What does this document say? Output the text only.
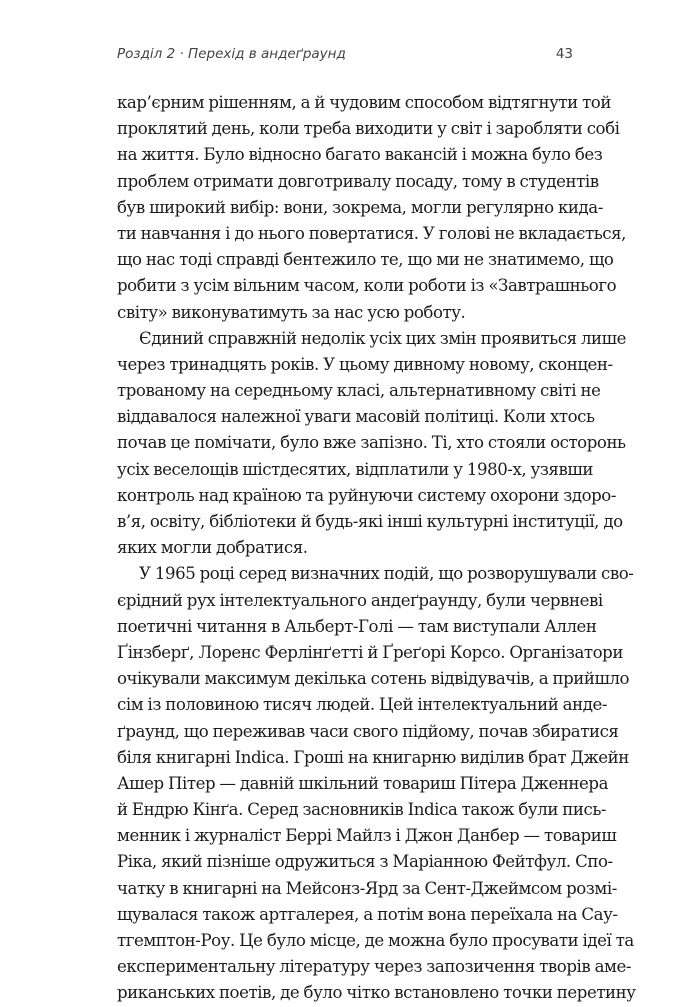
Розділ 2 · Перехід в андеґраунд	43
кар’єрним рішенням, а й чудовим способом відтягнути той
проклятий день, коли треба виходити у світ і заробляти собі
на життя. Було відносно багато вакансій і можна було без
проблем отримати довготривалу посаду, тому в студентів
був широкий вибір: вони, зокрема, могли регулярно кида-
ти навчання і до нього повертатися. У голові не вкладається,
що нас тоді справді бентежило те, що ми не знатимемо, що
робити з усім вільним часом, коли роботи із «Завтрашнього
світу» виконуватимуть за нас усю роботу.
Єдиний справжній недолік усіх цих змін проявиться лише
через тринадцять років. У цьому дивному новому, сконцен-
трованому на середньому класі, альтернативному світі не
віддавалося належної уваги масовій політиці. Коли хтось
почав це помічати, було вже запізно. Ті, хто стояли осторонь
усіх веселощів шістдесятих, відплатили у 1980-х, узявши
контроль над країною та руйнуючи систему охорони здоро-
в’я, освіту, бібліотеки й будь-які інші культурні інституції, до
яких могли добратися.
У 1965 році серед визначних подій, що розворушували сво-
єрідний рух інтелектуального андеґраунду, були червневі
поетичні читання в Альберт-Голі — там виступали Аллен
Ґінзберґ, Лоренс Ферлінґетті й Ґреґорі Корсо. Організатори
очікували максимум декілька сотень відвідувачів, а прийшло
сім із половиною тисяч людей. Цей інтелектуальний анде-
ґраунд, що переживав часи свого підйому, почав збиратися
біля книгарні Indica. Гроші на книгарню виділив брат Джейн
Ашер Пітер — давній шкільний товариш Пітера Дженнера
й Ендрю Кінґа. Серед засновників Indica також були пись-
менник і журналіст Беррі Майлз і Джон Данбер — товариш
Ріка, який пізніше одружиться з Маріанною Фейтфул. Спо-
чатку в книгарні на Мейсонз-Ярд за Сент-Джеймсом розмі-
щувалася також артгалерея, а потім вона переїхала на Сау-
тгемптон-Роу. Це було місце, де можна було просувати ідеї та
експериментальну літературу через запозичення творів аме-
риканських поетів, де було чітко встановлено точки перетину
